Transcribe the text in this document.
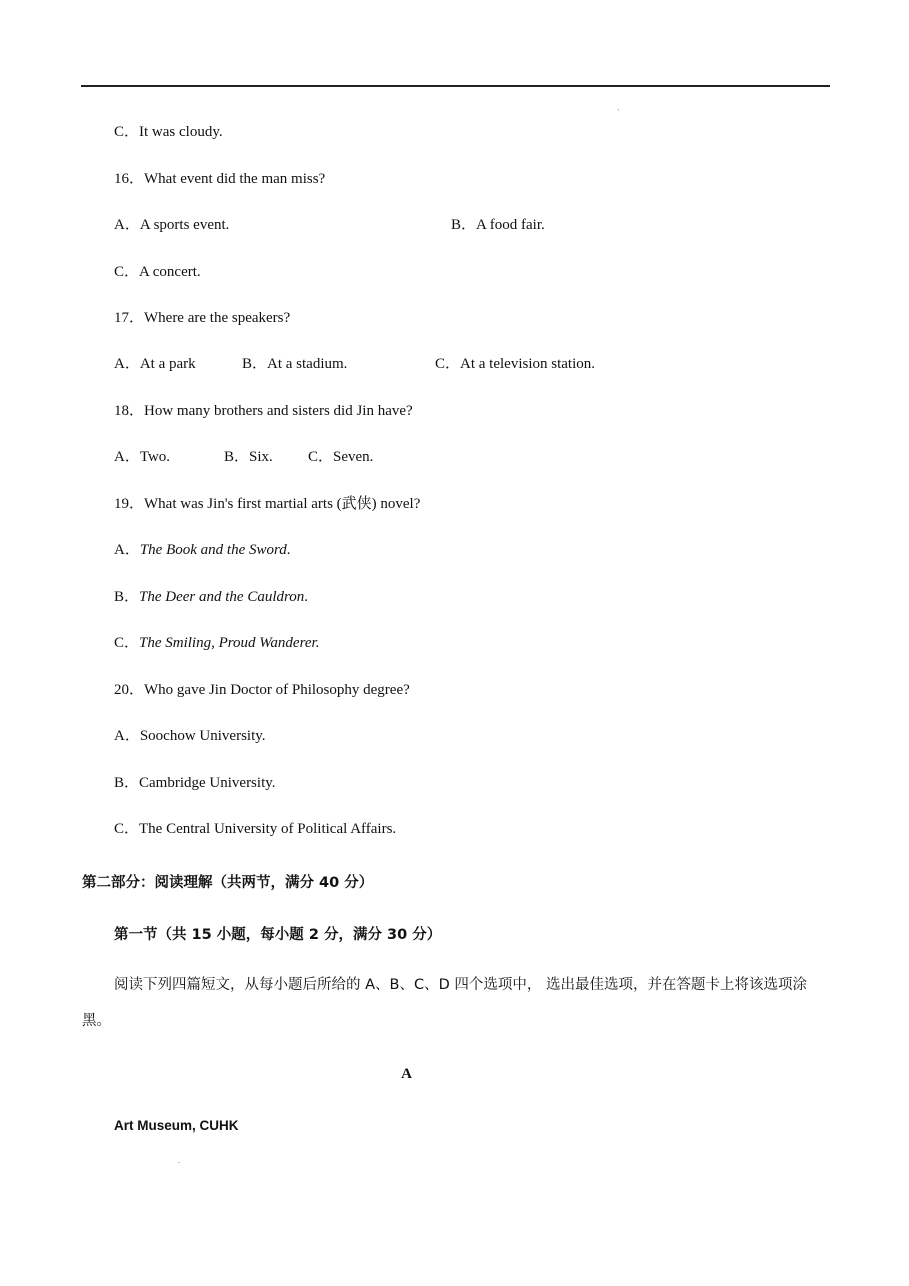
`
C．It was cloudy.
16．What event did the man miss?
A．A sports event.	B．A food fair.
C．A concert.
17．Where are the speakers?
A．At a park	B．At a stadium.	C．At a television station.
18．How many brothers and sisters did Jin have?
A．Two.	B．Six. C．Seven.
19．What was Jin's first martial arts (武侠) novel?
A．The Book and the Sword.
B．The Deer and the Cauldron.
C．The Smiling, Proud Wanderer.
20．Who gave Jin Doctor of Philosophy degree?
A．Soochow University.
B．Cambridge University.
C．The Central University of Political Affairs.
第二部分：阅读理解（共两节，满分 40 分）
第一节（共 15 小题，每小题 2 分，满分 30 分）
阅读下列四篇短文，从每小题后所给的 A、B、C、D 四个选项中， 选出最佳选项，并在答题卡上将该选项涂黑。
A
Art Museum, CUHK
.
